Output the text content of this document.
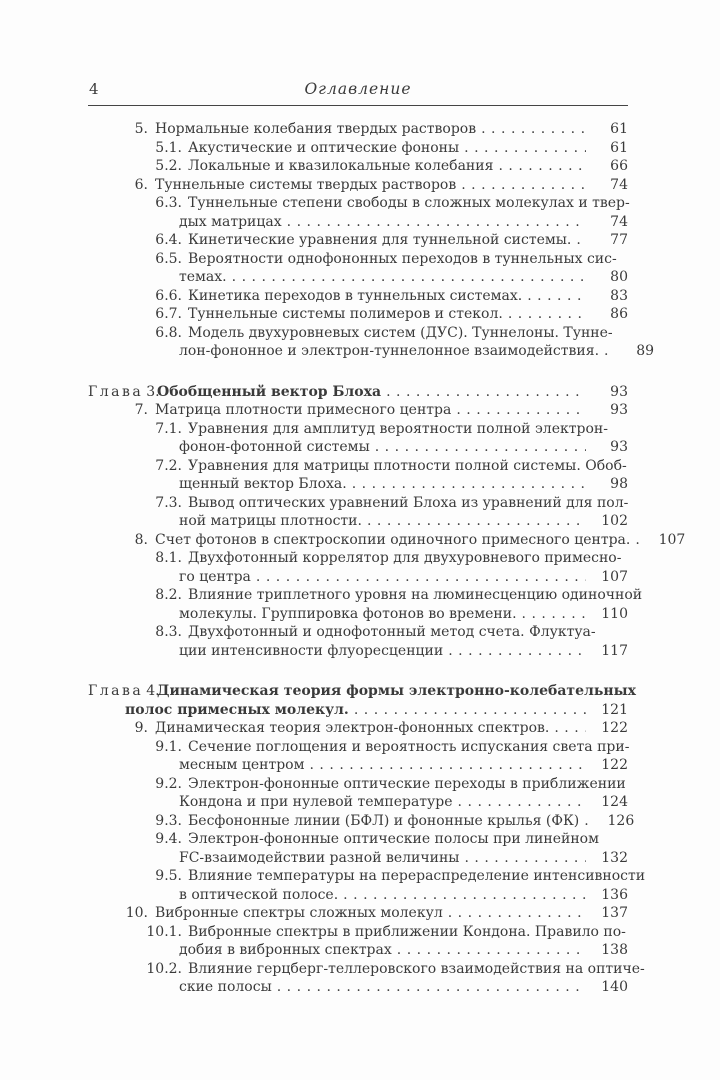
4	Оглавление
5. Нормальные колебания твердых растворов .....	61
5.1. Акустические и оптические фононы .....	61
5.2. Локальные и квазилокальные колебания .....	66
6. Туннельные системы твердых растворов .....	74
6.3. Туннельные степени свободы в сложных молекулах и твер-
дых матрицах .....	74
6.4. Кинетические уравнения для туннельной системы. .....	77
6.5. Вероятности однофононных переходов в туннельных сис-
темах. .....	80
6.6. Кинетика переходов в туннельных системах. .....	83
6.7. Туннельные системы полимеров и стекол. .....	86
6.8. Модель двухуровневых систем (ДУС). Туннелоны. Тунне-
лон-фононное и электрон-туннелонное взаимодействия. .....	89
Глава 3.
Обобщенный вектор Блоха .....	93
7. Матрица плотности примесного центра .....	93
7.1. Уравнения для амплитуд вероятности полной электрон-
фонон-фотонной системы .....	93
7.2. Уравнения для матрицы плотности полной системы. Обоб-
щенный вектор Блоха. .....	98
7.3. Вывод оптических уравнений Блоха из уравнений для пол-
ной матрицы плотности. .....	102
8. Счет фотонов в спектроскопии одиночного примесного центра. ..... 107
8.1. Двухфотонный коррелятор для двухуровневого примесно-
го центра .....	107
8.2. Влияние триплетного уровня на люминесценцию одиночной
молекулы. Группировка фотонов во времени. .....	110
8.3. Двухфотонный и однофотонный метод счета. Флуктуа-
ции интенсивности флуоресценции .....	117
Глава 4.Динамическая теория формы электронно-колебательных
полос примесных молекул. .....	121
9. Динамическая теория электрон-фононных спектров. .....	122
9.1. Сечение поглощения и вероятность испускания света при-
месным центром .....	122
9.2. Электрон-фононные оптические переходы в приближении
Кондона и при нулевой температуре .....	124
9.3. Бесфононные линии (БФЛ) и фононные крылья (ФК) ..... 126
9.4. Электрон-фононные оптические полосы при линейном
FC-взаимодействии разной величины .....	132
9.5. Влияние температуры на перераспределение интенсивности
в оптической полосе. .....	136
10. Вибронные спектры сложных молекул .....	137
10.1. Вибронные спектры в приближении Кондона. Правило по-
добия в вибронных спектрах .....	138
10.2. Влияние герцберг-теллеровского взаимодействия на оптиче-
ские полосы .....	140
